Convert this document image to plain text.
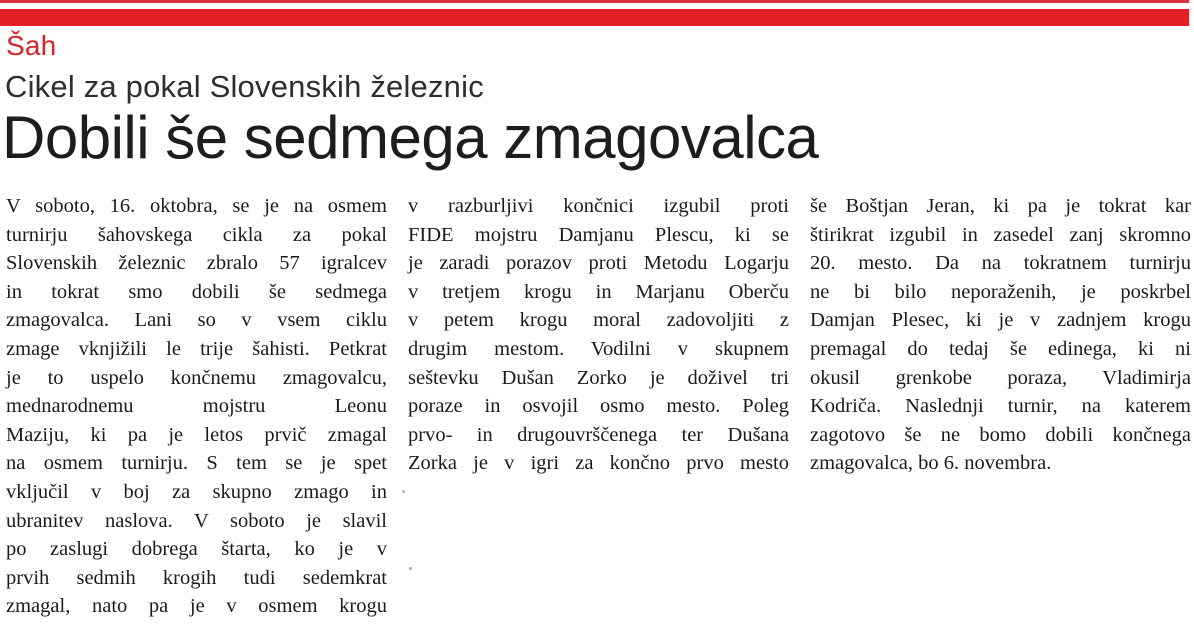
Šah
Cikel za pokal Slovenskih železnic
Dobili še sedmega zmagovalca
V soboto, 16. oktobra, se je na osmem
turnirju šahovskega cikla za pokal
Slovenskih železnic zbralo 57 igralcev
in tokrat smo dobili še sedmega
zmagovalca. Lani so v vsem ciklu
zmage vknjižili le trije šahisti. Petkrat
je to uspelo končnemu zmagovalcu,
mednarodnemu mojstru Leonu
Maziju, ki pa je letos prvič zmagal
na osmem turnirju. S tem se je spet
vključil v boj za skupno zmago in
ubranitev naslova. V soboto je slavil
po zaslugi dobrega štarta, ko je v
prvih sedmih krogih tudi sedemkrat
zmagal, nato pa je v osmem krogu
v razburljivi končnici izgubil proti
FIDE mojstru Damjanu Plescu, ki se
je zaradi porazov proti Metodu Logarju
v tretjem krogu in Marjanu Oberču
v petem krogu moral zadovoljiti z
drugim mestom. Vodilni v skupnem
seštevku Dušan Zorko je doživel tri
poraze in osvojil osmo mesto. Poleg
prvo- in drugouvrščenega ter Dušana
Zorka je v igri za končno prvo mesto
še Boštjan Jeran, ki pa je tokrat kar
štirikrat izgubil in zasedel zanj skromno
20. mesto. Da na tokratnem turnirju
ne bi bilo neporaženih, je poskrbel
Damjan Plesec, ki je v zadnjem krogu
premagal do tedaj še edinega, ki ni
okusil grenkobe poraza, Vladimirja
Kodriča. Naslednji turnir, na katerem
zagotovo še ne bomo dobili končnega
zmagovalca, bo 6. novembra.
